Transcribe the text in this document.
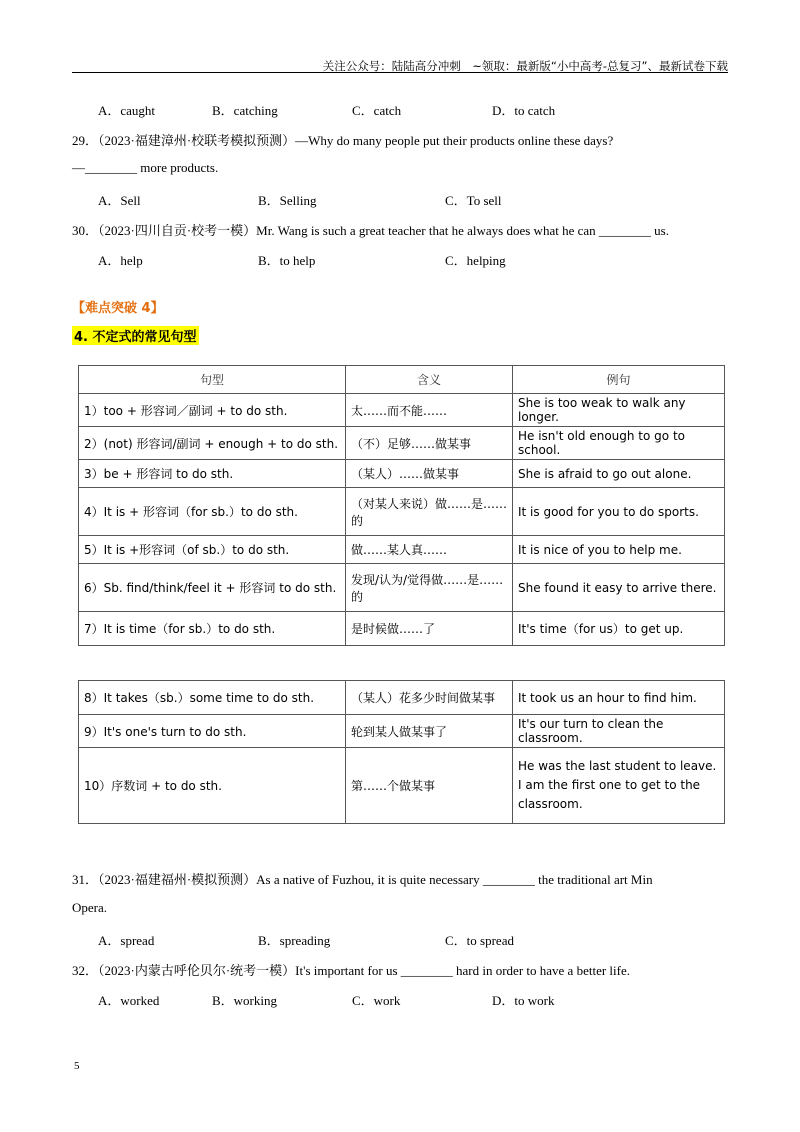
关注公众号：陆陆高分冲刺　~领取：最新版“小中高考-总复习”、最新试卷下载
A．caught	B．catching	C．catch	D．to catch
29．（2023·福建漳州·校联考模拟预测）—Why do many people put their products online these days?
—________ more products.
A．Sell	B．Selling	C．To sell
30．（2023·四川自贡·校考一模）Mr. Wang is such a great teacher that he always does what he can ________ us.
A．help	B．to help	C．helping
【难点突破 4】
4. 不定式的常见句型
句型	含义	例句
1）too + 形容词／副词 + to do sth.	太……而不能……	She is too weak to walk any longer.
2）(not) 形容词/副词 + enough + to do sth.	（不）足够……做某事	He isn't old enough to go to school.
3）be + 形容词 to do sth.	（某人）……做某事	She is afraid to go out alone.
4）It is + 形容词（for sb.）to do sth.	（对某人来说）做……是……的	It is good for you to do sports.
5）It is +形容词（of sb.）to do sth.	做……某人真……	It is nice of you to help me.
6）Sb. find/think/feel it + 形容词 to do sth.	发现/认为/觉得做……是……的	She found it easy to arrive there.
7）It is time（for sb.）to do sth.	是时候做……了	It's time（for us）to get up.
8）It takes（sb.）some time to do sth.	（某人）花多少时间做某事	It took us an hour to find him.
9）It's one's turn to do sth.	轮到某人做某事了	It's our turn to clean the classroom.
10）序数词 + to do sth.	第……个做某事	He was the last student to leave.
I am the first one to get to the classroom.
31．（2023·福建福州·模拟预测）As a native of Fuzhou, it is quite necessary ________ the traditional art Min
Opera.
A．spread	B．spreading	C．to spread
32．（2023·内蒙古呼伦贝尔·统考一模）It's important for us ________ hard in order to have a better life.
A．worked	B．working	C．work	D．to work
5
